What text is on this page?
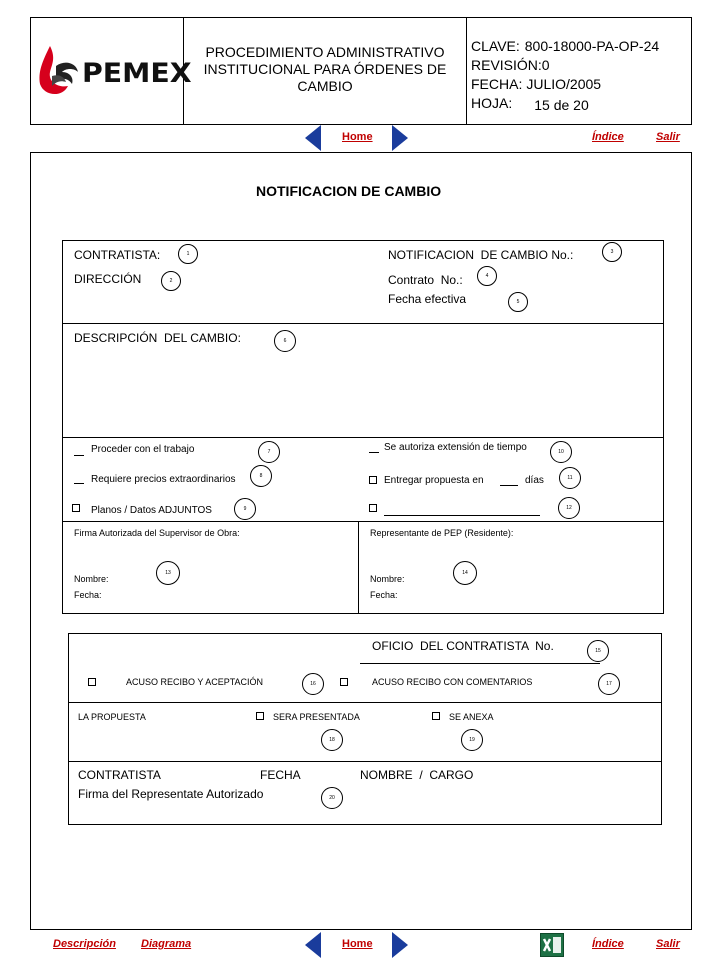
PEMEX
PROCEDIMIENTO ADMINISTRATIVO INSTITUCIONAL PARA ÓRDENES DE CAMBIO
CLAVE: 800-18000-PA-OP-24
REVISIÓN:0
FECHA: JULIO/2005
HOJA: 15 de 20
Home	Índice	Salir
NOTIFICACION DE CAMBIO
CONTRATISTA:
DIRECCIÓN
NOTIFICACION  DE CAMBIO No.:
Contrato  No.:
Fecha efectiva
DESCRIPCIÓN  DEL CAMBIO:
Proceder con el trabajo
Requiere precios extraordinarios
Planos / Datos ADJUNTOS
Se autoriza extensión de tiempo
Entregar propuesta en	días
Firma Autorizada del Supervisor de Obra:
Nombre:
Fecha:
Representante de PEP (Residente):
Nombre:
Fecha:
OFICIO  DEL CONTRATISTA  No.
ACUSO RECIBO Y ACEPTACIÓN	ACUSO RECIBO CON COMENTARIOS
LA PROPUESTA	SERA PRESENTADA	SE ANEXA
CONTRATISTA	FECHA	NOMBRE  /  CARGO
Firma del Representate Autorizado
1
2
3
4
5
6
7
8
9
10
11
12
13	14
15
16	17
18	19
20
Descripción Diagrama	Home	Índice	Salir
